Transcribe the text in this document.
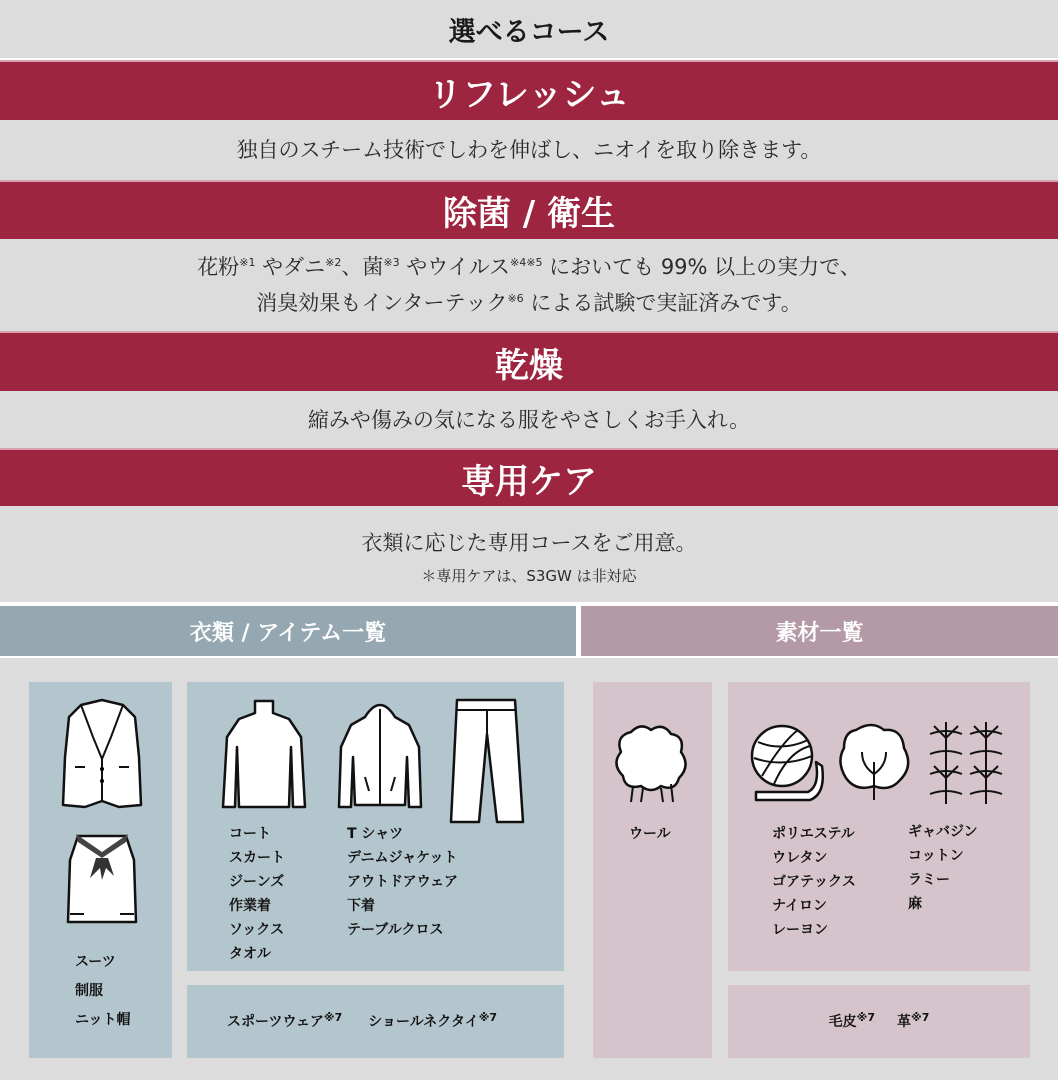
選べるコース
リフレッシュ
独自のスチーム技術でしわを伸ばし、ニオイを取り除きます。
除菌 / 衛生
花粉$^{※1}$ やダニ$^{※2}$、菌$^{※3}$ やウイルス$^{※4※5}$ においても 99% 以上の実力で、
消臭効果もインターテック$^{※6}$ による試験で実証済みです。
乾燥
縮みや傷みの気になる服をやさしくお手入れ。
専用ケア
衣類に応じた専用コースをご用意。
＊専用ケアは、S3GW は非対応
衣類 / アイテム一覧	素材一覧
スーツ
制服
ニット帽
コート
スカート
ジーンズ
作業着
ソックス
タオル
T シャツ
デニムジャケット
アウトドアウェア
下着
テーブルクロス
スポーツウェア$^{※7}$ ショールネクタイ$^{※7}$
ウール	ポリエステル
ウレタン
ゴアテックス
ナイロン
レーヨン
ギャバジン
コットン
ラミー
麻
毛皮$^{※7}$ 革$^{※7}$
